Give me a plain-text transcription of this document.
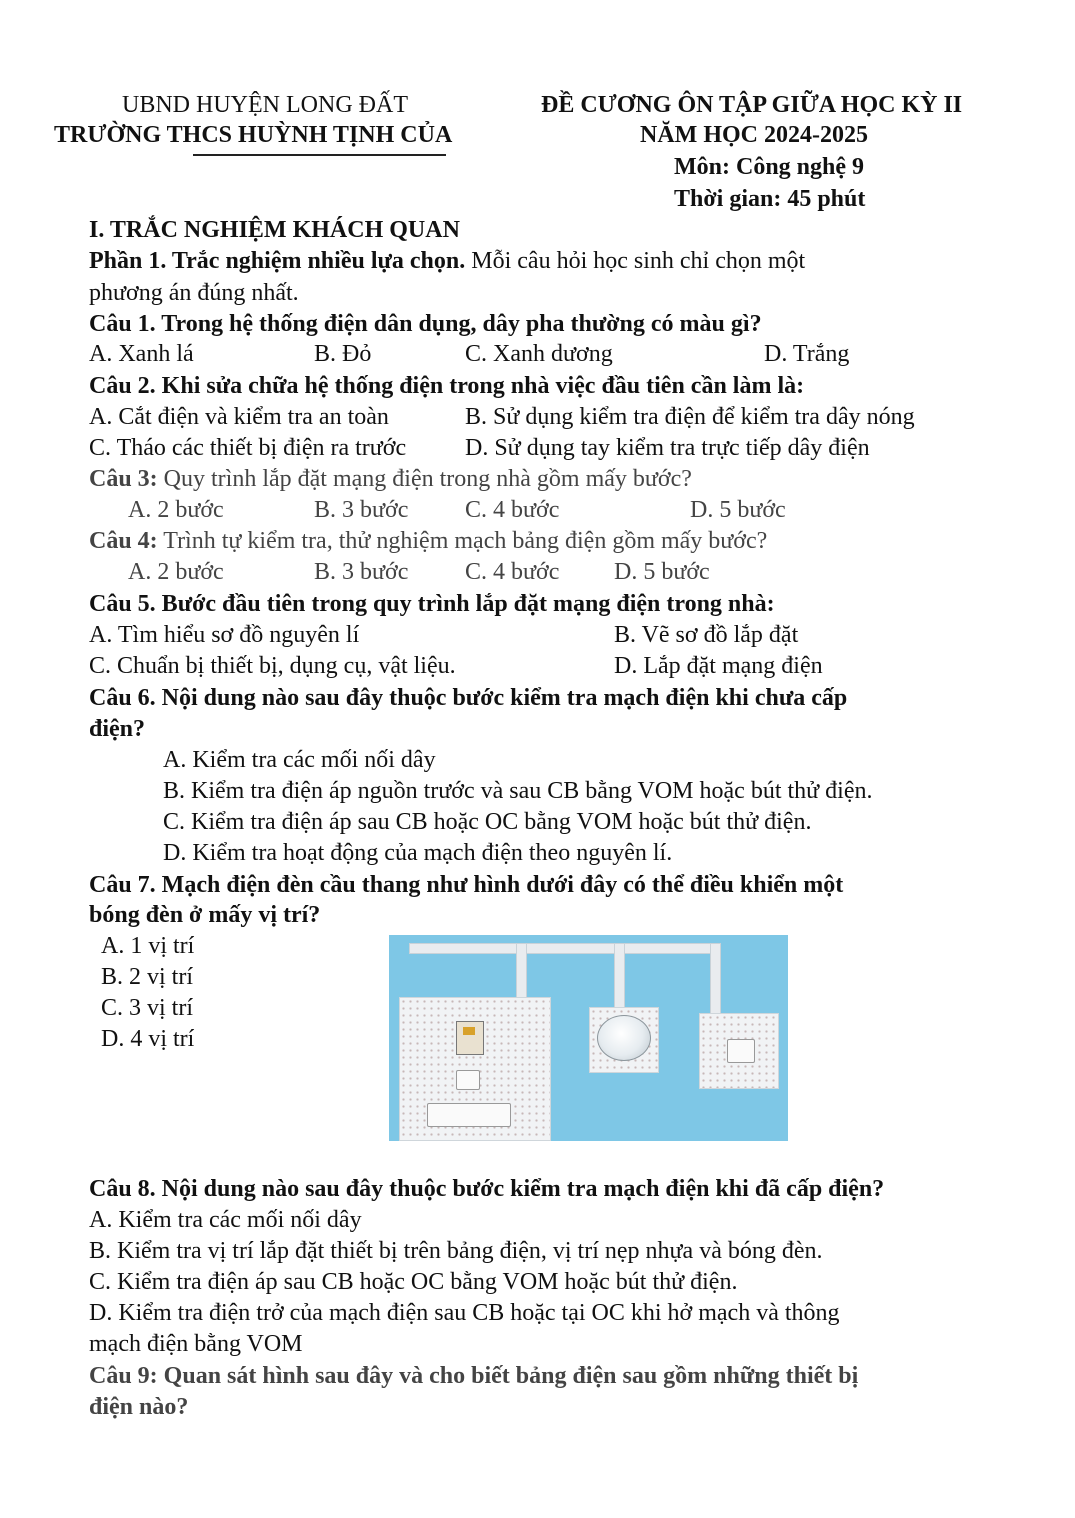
UBND HUYỆN LONG ĐẤT
TRƯỜNG THCS HUỲNH TỊNH CỦA
ĐỀ CƯƠNG ÔN TẬP GIỮA HỌC KỲ II
NĂM HỌC 2024-2025
Môn: Công nghệ 9
Thời gian: 45 phút
I. TRẮC NGHIỆM KHÁCH QUAN
Phần 1. Trắc nghiệm nhiều lựa chọn. Mỗi câu hỏi học sinh chỉ chọn một
phương án đúng nhất.
Câu 1. Trong hệ thống điện dân dụng, dây pha thường có màu gì?
A. Xanh lá	B. Đỏ	C. Xanh dương	D. Trắng
Câu 2. Khi sửa chữa hệ thống điện trong nhà việc đầu tiên cần làm là:
A. Cắt điện và kiểm tra an toàn	B. Sử dụng kiểm tra điện để kiểm tra dây nóng
C. Tháo các thiết bị điện ra trước D. Sử dụng tay kiểm tra trực tiếp dây điện
Câu 3: Quy trình lắp đặt mạng điện trong nhà gồm mấy bước?
A. 2 bước	B. 3 bước C. 4 bước	D. 5 bước
Câu 4: Trình tự kiểm tra, thử nghiệm mạch bảng điện gồm mấy bước?
A. 2 bước	B. 3 bước C. 4 bước D. 5 bước
Câu 5. Bước đầu tiên trong quy trình lắp đặt mạng điện trong nhà:
A. Tìm hiểu sơ đồ nguyên lí	B. Vẽ sơ đồ lắp đặt
C. Chuẩn bị thiết bị, dụng cụ, vật liệu.	D. Lắp đặt mạng điện
Câu 6. Nội dung nào sau đây thuộc bước kiểm tra mạch điện khi chưa cấp
điện?
A. Kiểm tra các mối nối dây
B. Kiểm tra điện áp nguồn trước và sau CB bằng VOM hoặc bút thử điện.
C. Kiểm tra điện áp sau CB hoặc OC bằng VOM hoặc bút thử điện.
D. Kiểm tra hoạt động của mạch điện theo nguyên lí.
Câu 7. Mạch điện đèn cầu thang như hình dưới đây có thể điều khiển một
bóng đèn ở mấy vị trí?
A. 1 vị trí
B. 2 vị trí
C. 3 vị trí
D. 4 vị trí
Câu 8. Nội dung nào sau đây thuộc bước kiểm tra mạch điện khi đã cấp điện?
A. Kiểm tra các mối nối dây
B. Kiểm tra vị trí lắp đặt thiết bị trên bảng điện, vị trí nẹp nhựa và bóng đèn.
C. Kiểm tra điện áp sau CB hoặc OC bằng VOM hoặc bút thử điện.
D. Kiểm tra điện trở của mạch điện sau CB hoặc tại OC khi hở mạch và thông
mạch điện bằng VOM
Câu 9: Quan sát hình sau đây và cho biết bảng điện sau gồm những thiết bị
điện nào?
